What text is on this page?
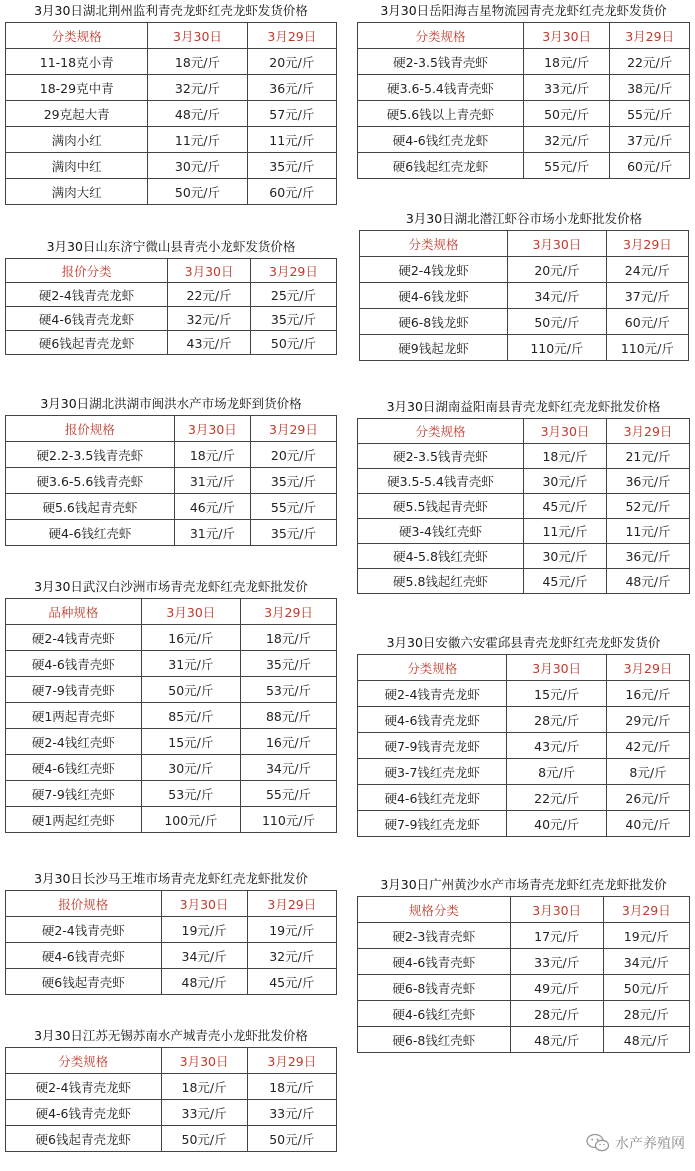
3月30日湖北荆州监利青壳龙虾红壳龙虾发货价格
分类规格	3月30日	3月29日
11-18克小青	18元/斤	20元/斤
18-29克中青	32元/斤	36元/斤
29克起大青	48元/斤	57元/斤
满肉小红	11元/斤	11元/斤
满肉中红	30元/斤	35元/斤
满肉大红	50元/斤	60元/斤
3月30日岳阳海吉星物流园青壳龙虾红壳龙虾发货价
分类规格	3月30日	3月29日
硬2-3.5钱青壳虾	18元/斤	22元/斤
硬3.6-5.4钱青壳虾	33元/斤	38元/斤
硬5.6钱以上青壳虾	50元/斤	55元/斤
硬4-6钱红壳龙虾	32元/斤	37元/斤
硬6钱起红壳龙虾	55元/斤	60元/斤
3月30日山东济宁微山县青壳小龙虾发货价格
报价分类	3月30日	3月29日
硬2-4钱青壳龙虾	22元/斤	25元/斤
硬4-6钱青壳龙虾	32元/斤	35元/斤
硬6钱起青壳龙虾	43元/斤	50元/斤
3月30日湖北潜江虾谷市场小龙虾批发价格
分类规格	3月30日	3月29日
硬2-4钱龙虾	20元/斤	24元/斤
硬4-6钱龙虾	34元/斤	37元/斤
硬6-8钱龙虾	50元/斤	60元/斤
硬9钱起龙虾	110元/斤	110元/斤
3月30日湖北洪湖市闽洪水产市场龙虾到货价格
报价规格	3月30日	3月29日
硬2.2-3.5钱青壳虾	18元/斤	20元/斤
硬3.6-5.6钱青壳虾	31元/斤	35元/斤
硬5.6钱起青壳虾	46元/斤	55元/斤
硬4-6钱红壳虾	31元/斤	35元/斤
3月30日湖南益阳南县青壳龙虾红壳龙虾批发价格
分类规格	3月30日	3月29日
硬2-3.5钱青壳虾	18元/斤	21元/斤
硬3.5-5.4钱青壳虾	30元/斤	36元/斤
硬5.5钱起青壳虾	45元/斤	52元/斤
硬3-4钱红壳虾	11元/斤	11元/斤
硬4-5.8钱红壳虾	30元/斤	36元/斤
硬5.8钱起红壳虾	45元/斤	48元/斤
3月30日武汉白沙洲市场青壳龙虾红壳龙虾批发价
品种规格	3月30日	3月29日
硬2-4钱青壳虾	16元/斤	18元/斤
硬4-6钱青壳虾	31元/斤	35元/斤
硬7-9钱青壳虾	50元/斤	53元/斤
硬1两起青壳虾	85元/斤	88元/斤
硬2-4钱红壳虾	15元/斤	16元/斤
硬4-6钱红壳虾	30元/斤	34元/斤
硬7-9钱红壳虾	53元/斤	55元/斤
硬1两起红壳虾	100元/斤	110元/斤
3月30日安徽六安霍邱县青壳龙虾红壳龙虾发货价
分类规格	3月30日	3月29日
硬2-4钱青壳龙虾	15元/斤	16元/斤
硬4-6钱青壳龙虾	28元/斤	29元/斤
硬7-9钱青壳龙虾	43元/斤	42元/斤
硬3-7钱红壳龙虾	8元/斤	8元/斤
硬4-6钱红壳龙虾	22元/斤	26元/斤
硬7-9钱红壳龙虾	40元/斤	40元/斤
3月30日长沙马王堆市场青壳龙虾红壳龙虾批发价
报价规格	3月30日	3月29日
硬2-4钱青壳虾	19元/斤	19元/斤
硬4-6钱青壳虾	34元/斤	32元/斤
硬6钱起青壳虾	48元/斤	45元/斤
3月30日广州黄沙水产市场青壳龙虾红壳龙虾批发价
规格分类	3月30日	3月29日
硬2-3钱青壳虾	17元/斤	19元/斤
硬4-6钱青壳虾	33元/斤	34元/斤
硬6-8钱青壳虾	49元/斤	50元/斤
硬4-6钱红壳虾	28元/斤	28元/斤
硬6-8钱红壳虾	48元/斤	48元/斤
3月30日江苏无锡苏南水产城青壳小龙虾批发价格
分类规格	3月30日	3月29日
硬2-4钱青壳龙虾	18元/斤	18元/斤
硬4-6钱青壳龙虾	33元/斤	33元/斤
硬6钱起青壳龙虾	50元/斤	50元/斤	水产养殖网
